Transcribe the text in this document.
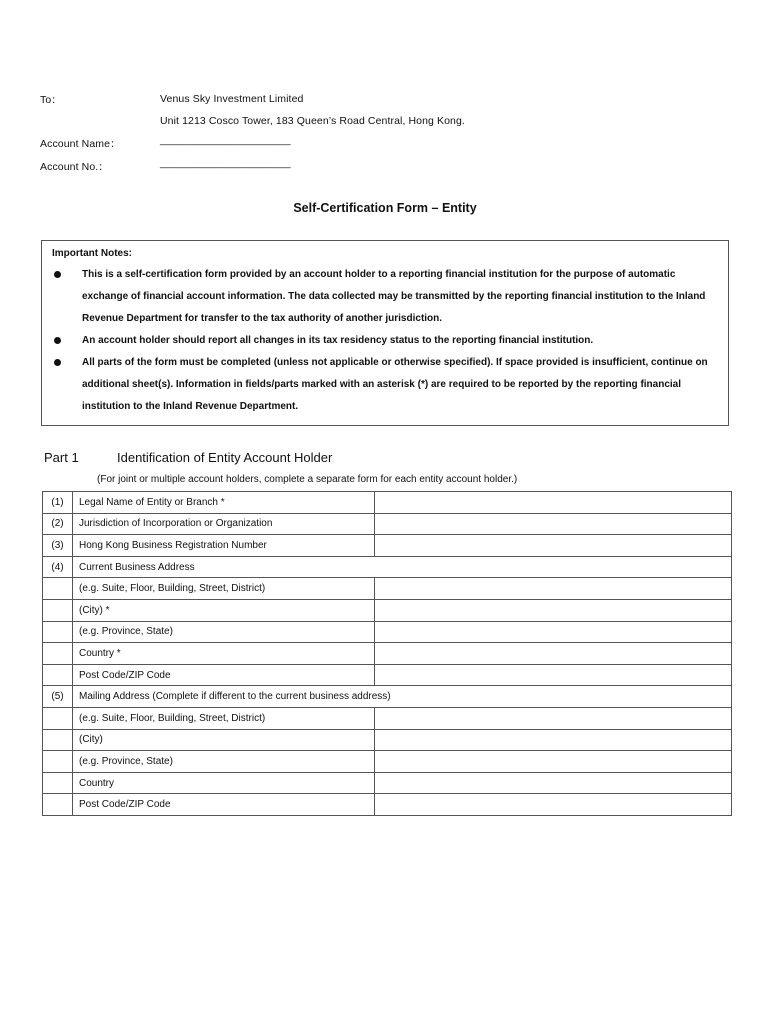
To：	Venus Sky Investment Limited
Unit 1213 Cosco Tower, 183 Queen’s Road Central, Hong Kong.
Account Name：	______________________
Account No.：	______________________
Self-Certification Form – Entity
Important Notes:
This is a self-certification form provided by an account holder to a reporting financial institution for the purpose of automatic exchange of financial account information. The data collected may be transmitted by the reporting financial institution to the Inland Revenue Department for transfer to the tax authority of another jurisdiction.
An account holder should report all changes in its tax residency status to the reporting financial institution.
All parts of the form must be completed (unless not applicable or otherwise specified). If space provided is insufficient, continue on additional sheet(s). Information in fields/parts marked with an asterisk (*) are required to be reported by the reporting financial institution to the Inland Revenue Department.
Part 1	Identification of Entity Account Holder
(For joint or multiple account holders, complete a separate form for each entity account holder.)
(1)	Legal Name of Entity or Branch *	
(2)	Jurisdiction of Incorporation or Organization	
(3)	Hong Kong Business Registration Number	
(4)	Current Business Address	
	(e.g. Suite, Floor, Building, Street, District)	
	(City) *	
	(e.g. Province, State)	
	Country *	
	Post Code/ZIP Code	
(5)	Mailing Address (Complete if different to the current business address)	
	(e.g. Suite, Floor, Building, Street, District)	
	(City)	
	(e.g. Province, State)	
	Country	
	Post Code/ZIP Code	
